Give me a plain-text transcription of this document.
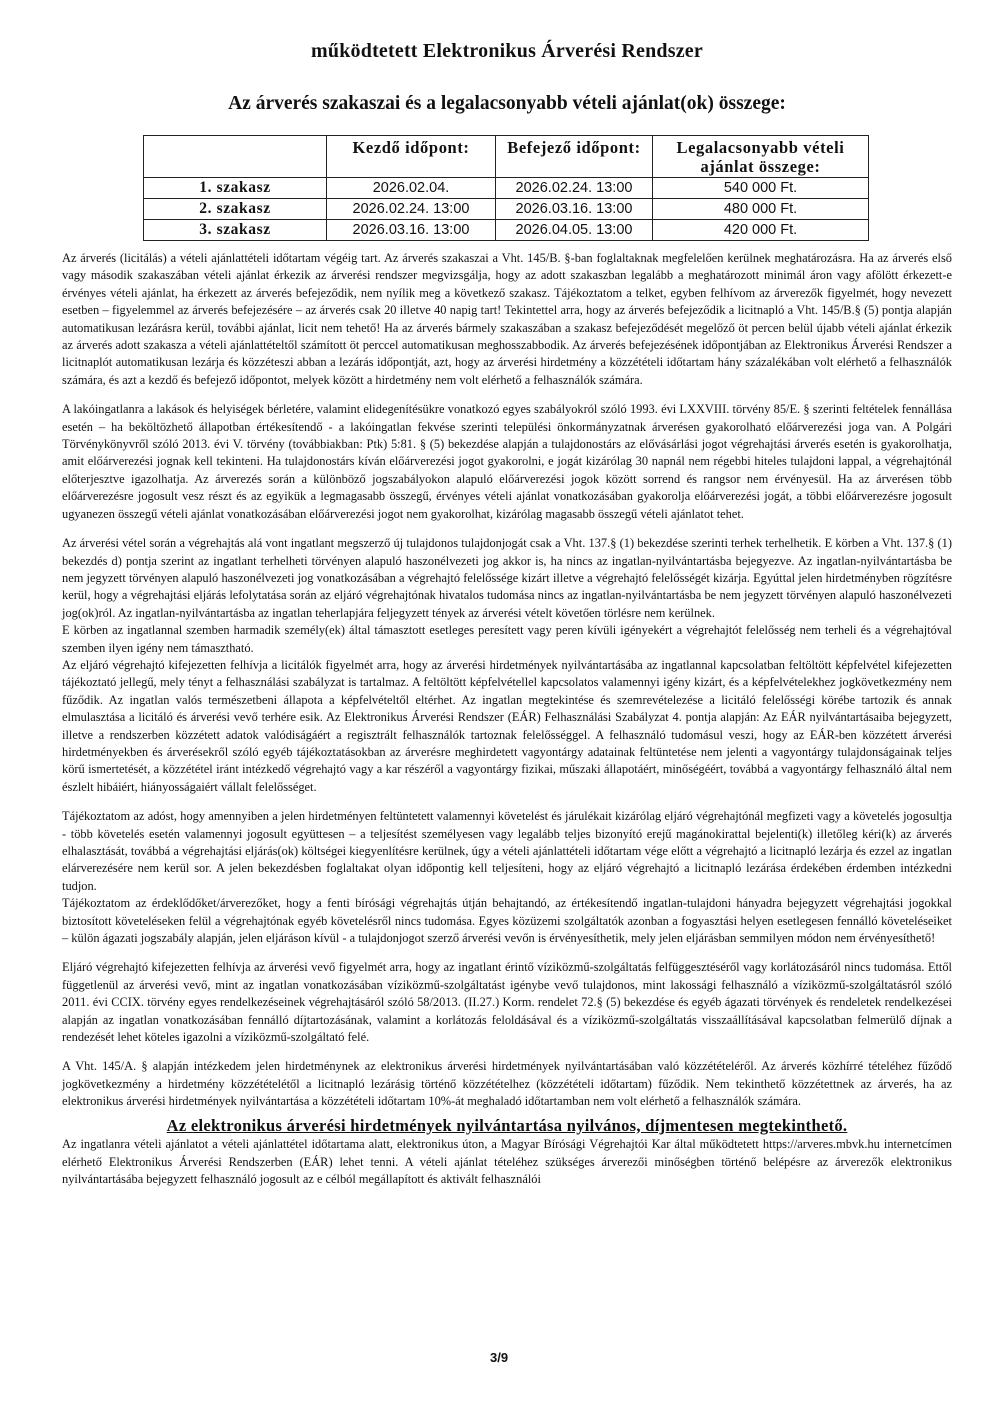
működtetett Elektronikus Árverési Rendszer
Az árverés szakaszai és a legalacsonyabb vételi ajánlat(ok) összege:
	Kezdő időpont:	Befejező időpont:	Legalacsonyabb vételi ajánlat összege:
1. szakasz	2026.02.04.	2026.02.24. 13:00	540 000 Ft.
2. szakasz	2026.02.24. 13:00	2026.03.16. 13:00	480 000 Ft.
3. szakasz	2026.03.16. 13:00	2026.04.05. 13:00	420 000 Ft.

Az árverés (licitálás) a vételi ajánlattételi időtartam végéig tart. Az árverés szakaszai a Vht. 145/B. §-ban foglaltaknak megfelelően kerülnek meghatározásra. Ha az árverés első vagy második szakaszában vételi ajánlat érkezik az árverési rendszer megvizsgálja, hogy az adott szakaszban legalább a meghatározott minimál áron vagy afölött érkezett-e érvényes vételi ajánlat, ha érkezett az árverés befejeződik, nem nyílik meg a következő szakasz. Tájékoztatom a telket, egyben felhívom az árverezők figyelmét, hogy nevezett esetben – figyelemmel az árverés befejezésére – az árverés csak 20 illetve 40 napig tart! Tekintettel arra, hogy az árverés befejeződik a licitnapló a Vht. 145/B.§ (5) pontja alapján automatikusan lezárásra kerül, további ajánlat, licit nem tehető! Ha az árverés bármely szakaszában a szakasz befejeződését megelőző öt percen belül újabb vételi ajánlat érkezik az árverés adott szakasza a vételi ajánlattételtől számított öt perccel automatikusan meghosszabbodik. Az árverés befejezésének időpontjában az Elektronikus Árverési Rendszer a licitnaplót automatikusan lezárja és közzéteszi abban a lezárás időpontját, azt, hogy az árverési hirdetmény a közzétételi időtartam hány százalékában volt elérhető a felhasználók számára, és azt a kezdő és befejező időpontot, melyek között a hirdetmény nem volt elérhető a felhasználók számára.

A lakóingatlanra a lakások és helyiségek bérletére, valamint elidegenítésükre vonatkozó egyes szabályokról szóló 1993. évi LXXVIII. törvény 85/E. § szerinti feltételek fennállása esetén – ha beköltözhető állapotban értékesítendő - a lakóingatlan fekvése szerinti települési önkormányzatnak árverésen gyakorolható előárverezési joga van. A Polgári Törvénykönyvről szóló 2013. évi V. törvény (továbbiakban: Ptk) 5:81. § (5) bekezdése alapján a tulajdonostárs az elővásárlási jogot végrehajtási árverés esetén is gyakorolhatja, amit előárverezési jognak kell tekinteni. Ha tulajdonostárs kíván előárverezési jogot gyakorolni, e jogát kizárólag 30 napnál nem régebbi hiteles tulajdoni lappal, a végrehajtónál előterjesztve igazolhatja. Az árverezés során a különböző jogszabályokon alapuló előárverezési jogok között sorrend és rangsor nem érvényesül. Ha az árverésen több előárverezésre jogosult vesz részt és az egyikük a legmagasabb összegű, érvényes vételi ajánlat vonatkozásában gyakorolja előárverezési jogát, a többi előárverezésre jogosult ugyanezen összegű vételi ajánlat vonatkozásában előárverezési jogot nem gyakorolhat, kizárólag magasabb összegű vételi ajánlatot tehet.

Az árverési vétel során a végrehajtás alá vont ingatlant megszerző új tulajdonos tulajdonjogát csak a Vht. 137.§ (1) bekezdése szerinti terhek terhelhetik. E körben a Vht. 137.§ (1) bekezdés d) pontja szerint az ingatlant terhelheti törvényen alapuló haszonélvezeti jog akkor is, ha nincs az ingatlan-nyilvántartásba bejegyezve. Az ingatlan-nyilvántartásba be nem jegyzett törvényen alapuló haszonélvezeti jog vonatkozásában a végrehajtó felelőssége kizárt illetve a végrehajtó felelősségét kizárja. Egyúttal jelen hirdetményben rögzítésre kerül, hogy a végrehajtási eljárás lefolytatása során az eljáró végrehajtónak hivatalos tudomása nincs az ingatlan-nyilvántartásba be nem jegyzett törvényen alapuló haszonélvezeti jog(ok)ról. Az ingatlan-nyilvántartásba az ingatlan teherlapjára feljegyzett tények az árverési vételt követően törlésre nem kerülnek.

E körben az ingatlannal szemben harmadik személy(ek) által támasztott esetleges peresített vagy peren kívüli igényekért a végrehajtót felelősség nem terheli és a végrehajtóval szemben ilyen igény nem támasztható.

Az eljáró végrehajtó kifejezetten felhívja a licitálók figyelmét arra, hogy az árverési hirdetmények nyilvántartásába az ingatlannal kapcsolatban feltöltött képfelvétel kifejezetten tájékoztató jellegű, mely tényt a felhasználási szabályzat is tartalmaz. A feltöltött képfelvétellel kapcsolatos valamennyi igény kizárt, és a képfelvételekhez jogkövetkezmény nem fűződik. Az ingatlan valós természetbeni állapota a képfelvételtől eltérhet. Az ingatlan megtekintése és szemrevételezése a licitáló felelősségi körébe tartozik és annak elmulasztása a licitáló és árverési vevő terhére esik. Az Elektronikus Árverési Rendszer (EÁR) Felhasználási Szabályzat 4. pontja alapján: Az EÁR nyilvántartásaiba bejegyzett, illetve a rendszerben közzétett adatok valódiságáért a regisztrált felhasználók tartoznak felelősséggel. A felhasználó tudomásul veszi, hogy az EÁR-ben közzétett árverési hirdetményekben és árverésekről szóló egyéb tájékoztatásokban az árverésre meghirdetett vagyontárgy adatainak feltüntetése nem jelenti a vagyontárgy tulajdonságainak teljes körű ismertetését, a közzététel iránt intézkedő végrehajtó vagy a kar részéről a vagyontárgy fizikai, műszaki állapotáért, minőségéért, továbbá a vagyontárgy felhasználó által nem észlelt hibáiért, hiányosságaiért vállalt felelősséget.

Tájékoztatom az adóst, hogy amennyiben a jelen hirdetményen feltüntetett valamennyi követelést és járulékait kizárólag eljáró végrehajtónál megfizeti vagy a követelés jogosultja - több követelés esetén valamennyi jogosult együttesen – a teljesítést személyesen vagy legalább teljes bizonyító erejű magánokirattal bejelenti(k) illetőleg kéri(k) az árverés elhalasztását, továbbá a végrehajtási eljárás(ok) költségei kiegyenlítésre kerülnek, úgy a vételi ajánlattételi időtartam vége előtt a végrehajtó a licitnapló lezárja és ezzel az ingatlan elárverezésére nem kerül sor. A jelen bekezdésben foglaltakat olyan időpontig kell teljesíteni, hogy az eljáró végrehajtó a licitnapló lezárása érdekében érdemben intézkedni tudjon.

Tájékoztatom az érdeklődőket/árverezőket, hogy a fenti bírósági végrehajtás útján behajtandó, az értékesítendő ingatlan-tulajdoni hányadra bejegyzett végrehajtási jogokkal biztosított követeléseken felül a végrehajtónak egyéb követelésről nincs tudomása. Egyes közüzemi szolgáltatók azonban a fogyasztási helyen esetlegesen fennálló követeléseiket – külön ágazati jogszabály alapján, jelen eljáráson kívül - a tulajdonjogot szerző árverési vevőn is érvényesíthetik, mely jelen eljárásban semmilyen módon nem érvényesíthető!

Eljáró végrehajtó kifejezetten felhívja az árverési vevő figyelmét arra, hogy az ingatlant érintő víziközmű-szolgáltatás felfüggesztéséről vagy korlátozásáról nincs tudomása. Ettől függetlenül az árverési vevő, mint az ingatlan vonatkozásában víziközmű-szolgáltatást igénybe vevő tulajdonos, mint lakossági felhasználó a víziközmű-szolgáltatásról szóló 2011. évi CCIX. törvény egyes rendelkezéseinek végrehajtásáról szóló 58/2013. (II.27.) Korm. rendelet 72.§ (5) bekezdése és egyéb ágazati törvények és rendeletek rendelkezései alapján az ingatlan vonatkozásában fennálló díjtartozásának, valamint a korlátozás feloldásával és a víziközmű-szolgáltatás visszaállításával kapcsolatban felmerülő díjnak a rendezését lehet köteles igazolni a víziközmű-szolgáltató felé.

A Vht. 145/A. § alapján intézkedem jelen hirdetménynek az elektronikus árverési hirdetmények nyilvántartásában való közzétételéről. Az árverés közhírré tételéhez fűződő jogkövetkezmény a hirdetmény közzétételétől a licitnapló lezárásig történő közzétételhez (közzétételi időtartam) fűződik. Nem tekinthető közzétettnek az árverés, ha az elektronikus árverési hirdetmények nyilvántartása a közzétételi időtartam 10%-át meghaladó időtartamban nem volt elérhető a felhasználók számára.

Az elektronikus árverési hirdetmények nyilvántartása nyilvános, díjmentesen megtekinthető.

Az ingatlanra vételi ajánlatot a vételi ajánlattétel időtartama alatt, elektronikus úton, a Magyar Bírósági Végrehajtói Kar által működtetett https://arveres.mbvk.hu internetcímen elérhető Elektronikus Árverési Rendszerben (EÁR) lehet tenni. A vételi ajánlat tételéhez szükséges árverezői minőségben történő belépésre az árverezők elektronikus nyilvántartásába bejegyzett felhasználó jogosult az e célból megállapított és aktivált felhasználói

3/9
